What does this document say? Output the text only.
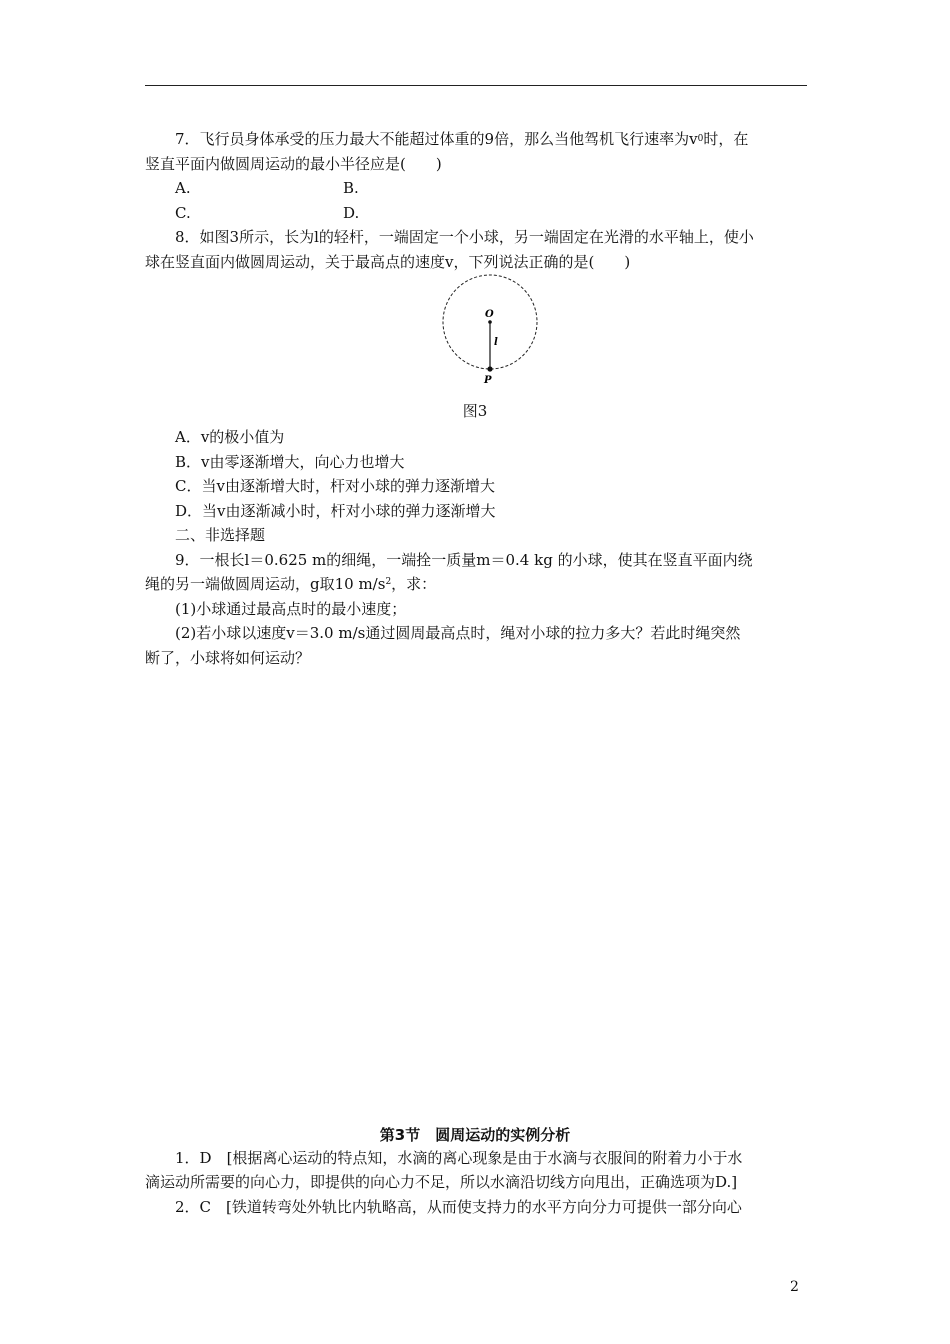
7．飞行员身体承受的压力最大不能超过体重的9倍，那么当他驾机飞行速率为v0时，在
竖直平面内做圆周运动的最小半径应是(　　)
A.	B.
C.	D.
8．如图3所示，长为l的轻杆，一端固定一个小球，另一端固定在光滑的水平轴上，使小
球在竖直面内做圆周运动，关于最高点的速度v，下列说法正确的是(　　)
O
l
P
图3
A．v的极小值为
B．v由零逐渐增大，向心力也增大
C．当v由逐渐增大时，杆对小球的弹力逐渐增大
D．当v由逐渐减小时，杆对小球的弹力逐渐增大
二、非选择题
9．一根长l＝0.625 m的细绳，一端拴一质量m＝0.4 kg 的小球，使其在竖直平面内绕
绳的另一端做圆周运动，g取10 $m/s^2$，求：
(1)小球通过最高点时的最小速度；
(2)若小球以速度v＝3.0 m/s通过圆周最高点时，绳对小球的拉力多大？若此时绳突然
断了，小球将如何运动？
第3节　圆周运动的实例分析
1．D　[根据离心运动的特点知，水滴的离心现象是由于水滴与衣服间的附着力小于水
滴运动所需要的向心力，即提供的向心力不足，所以水滴沿切线方向甩出，正确选项为D.]
2．C　[铁道转弯处外轨比内轨略高，从而使支持力的水平方向分力可提供一部分向心
2
